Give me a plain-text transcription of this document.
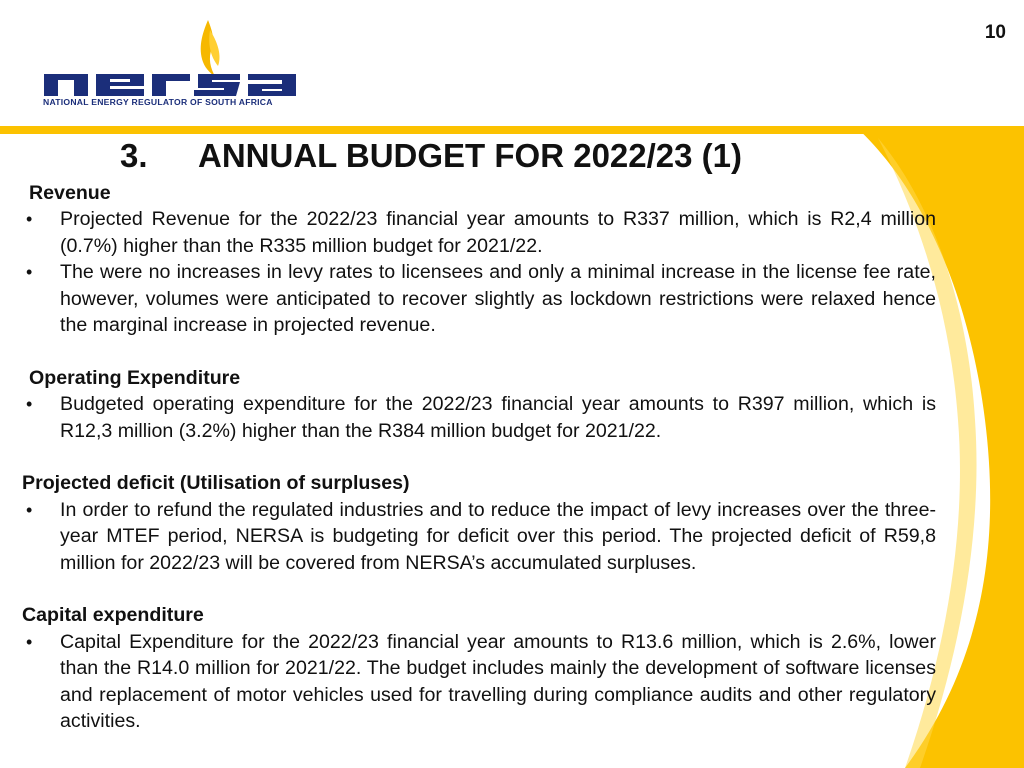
10
NATIONAL ENERGY REGULATOR OF SOUTH AFRICA
3. ANNUAL BUDGET FOR 2022/23 (1)

Revenue

• Projected Revenue for the 2022/23 financial year amounts to R337 million, which is R2,4 million (0.7%) higher than the R335 million budget for 2021/22.
• The were no increases in levy rates to licensees and only a minimal increase in the license fee rate, however, volumes were anticipated to recover slightly as lockdown restrictions were relaxed hence the marginal increase in projected revenue.

Operating Expenditure

• Budgeted operating expenditure for the 2022/23 financial year amounts to R397 million, which is R12,3 million (3.2%) higher than the R384 million budget for 2021/22.

Projected deficit (Utilisation of surpluses)

• In order to refund the regulated industries and to reduce the impact of levy increases over the three-year MTEF period, NERSA is budgeting for deficit over this period. The projected deficit of R59,8 million for 2022/23 will be covered from NERSA’s accumulated surpluses.

Capital expenditure

• Capital Expenditure for the 2022/23 financial year amounts to R13.6 million, which is 2.6%, lower than the R14.0 million for 2021/22. The budget includes mainly the development of software licenses and replacement of motor vehicles used for travelling during compliance audits and other regulatory activities.
